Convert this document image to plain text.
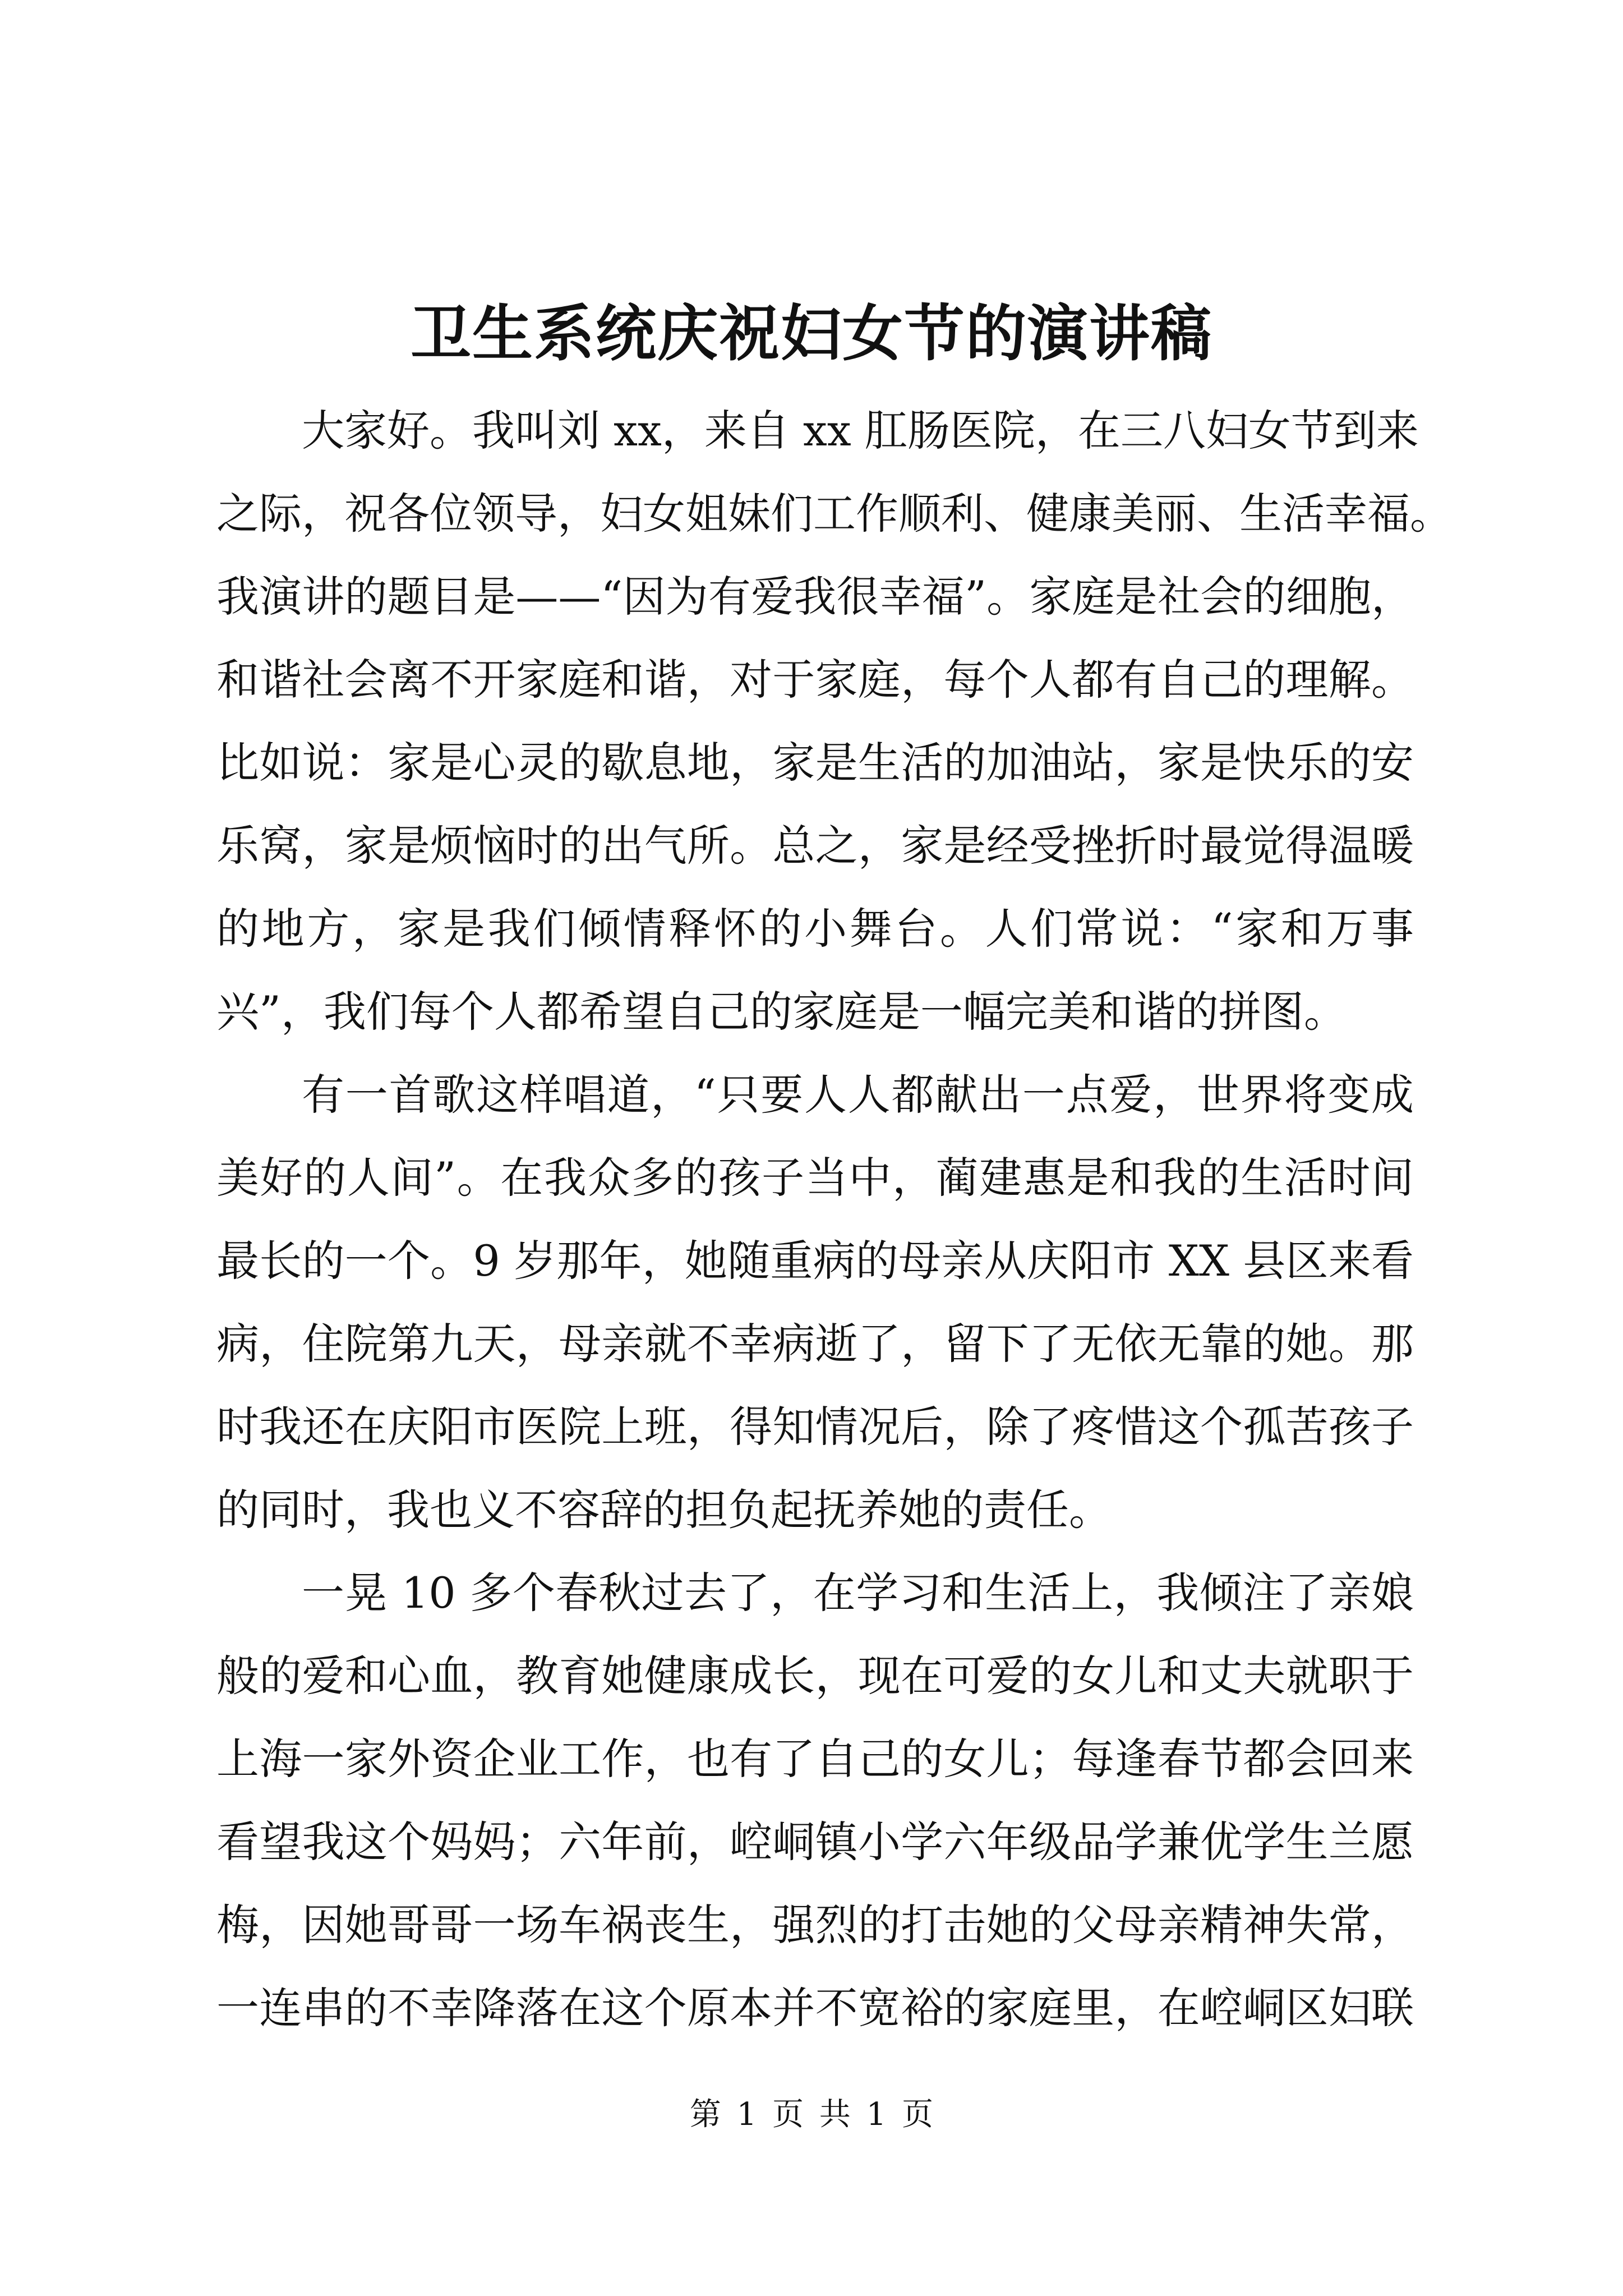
卫生系统庆祝妇女节的演讲稿

大家好。我叫刘 xx，来自 xx 肛肠医院，在三八妇女节到来
之际，祝各位领导，妇女姐妹们工作顺利、健康美丽、生活幸福。
我演讲的题目是——“因为有爱我很幸福”。家庭是社会的细胞，
和谐社会离不开家庭和谐，对于家庭，每个人都有自己的理解。
比如说：家是心灵的歇息地，家是生活的加油站，家是快乐的安
乐窝，家是烦恼时的出气所。总之，家是经受挫折时最觉得温暖
的地方，家是我们倾情释怀的小舞台。人们常说：“家和万事
兴”，我们每个人都希望自己的家庭是一幅完美和谐的拼图。

有一首歌这样唱道，“只要人人都献出一点爱，世界将变成
美好的人间”。在我众多的孩子当中，蔺建惠是和我的生活时间
最长的一个。9 岁那年，她随重病的母亲从庆阳市 XX 县区来看
病，住院第九天，母亲就不幸病逝了，留下了无依无靠的她。那
时我还在庆阳市医院上班，得知情况后，除了疼惜这个孤苦孩子
的同时，我也义不容辞的担负起抚养她的责任。

一晃 10 多个春秋过去了，在学习和生活上，我倾注了亲娘
般的爱和心血，教育她健康成长，现在可爱的女儿和丈夫就职于
上海一家外资企业工作，也有了自己的女儿；每逢春节都会回来
看望我这个妈妈；六年前，崆峒镇小学六年级品学兼优学生兰愿
梅，因她哥哥一场车祸丧生，强烈的打击她的父母亲精神失常，
一连串的不幸降落在这个原本并不宽裕的家庭里，在崆峒区妇联

第 1 页 共 1 页
